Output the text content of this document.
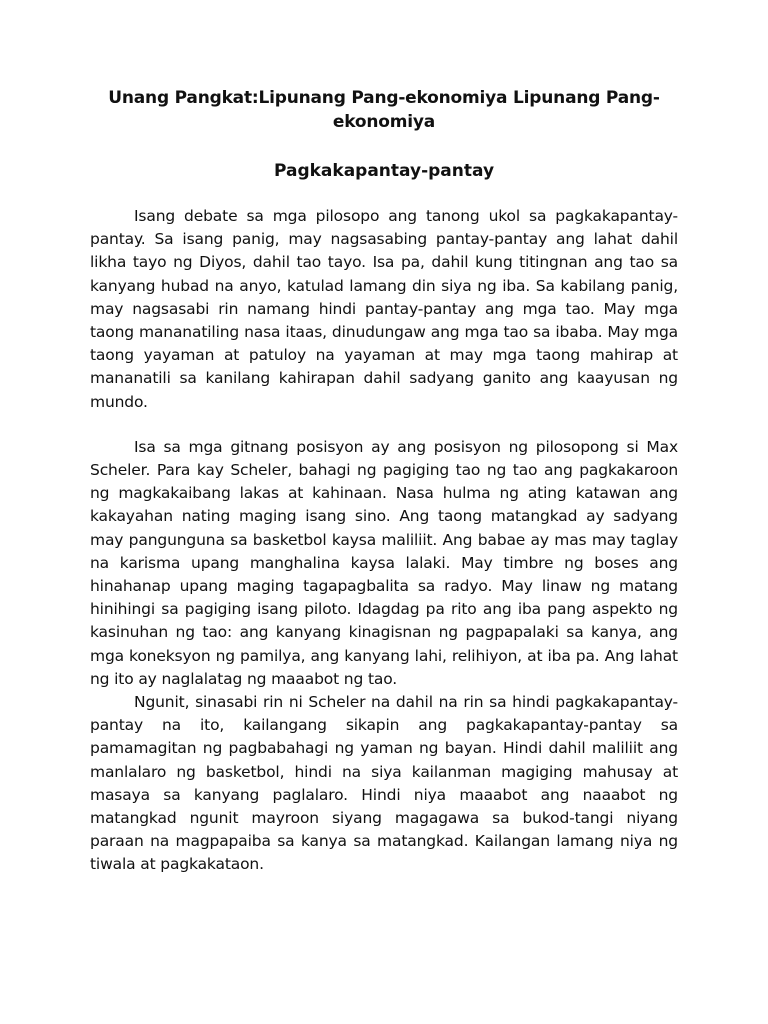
Unang Pangkat:Lipunang Pang-ekonomiya Lipunang Pang-ekonomiya
Pagkakapantay-pantay

Isang debate sa mga pilosopo ang tanong ukol sa pagkakapantay-pantay. Sa isang panig, may nagsasabing pantay-pantay ang lahat dahil likha tayo ng Diyos, dahil tao tayo. Isa pa, dahil kung titingnan ang tao sa kanyang hubad na anyo, katulad lamang din siya ng iba. Sa kabilang panig, may nagsasabi rin namang hindi pantay-pantay ang mga tao. May mga taong mananatiling nasa itaas, dinudungaw ang mga tao sa ibaba. May mga taong yayaman at patuloy na yayaman at may mga taong mahirap at mananatili sa kanilang kahirapan dahil sadyang ganito ang kaayusan ng mundo.

Isa sa mga gitnang posisyon ay ang posisyon ng pilosopong si Max Scheler. Para kay Scheler, bahagi ng pagiging tao ng tao ang pagkakaroon ng magkakaibang lakas at kahinaan. Nasa hulma ng ating katawan ang kakayahan nating maging isang sino. Ang taong matangkad ay sadyang may pangunguna sa basketbol kaysa maliliit. Ang babae ay mas may taglay na karisma upang manghalina kaysa lalaki. May timbre ng boses ang hinahanap upang maging tagapagbalita sa radyo. May linaw ng matang hinihingi sa pagiging isang piloto. Idagdag pa rito ang iba pang aspekto ng kasinuhan ng tao: ang kanyang kinagisnan ng pagpapalaki sa kanya, ang mga koneksyon ng pamilya, ang kanyang lahi, relihiyon, at iba pa. Ang lahat ng ito ay naglalatag ng maaabot ng tao.

Ngunit, sinasabi rin ni Scheler na dahil na rin sa hindi pagkakapantay-pantay na ito, kailangang sikapin ang pagkakapantay-pantay sa pamamagitan ng pagbabahagi ng yaman ng bayan. Hindi dahil maliliit ang manlalaro ng basketbol, hindi na siya kailanman magiging mahusay at masaya sa kanyang paglalaro. Hindi niya maaabot ang naaabot ng matangkad ngunit mayroon siyang magagawa sa bukod-tangi niyang paraan na magpapaiba sa kanya sa matangkad. Kailangan lamang niya ng tiwala at pagkakataon.
